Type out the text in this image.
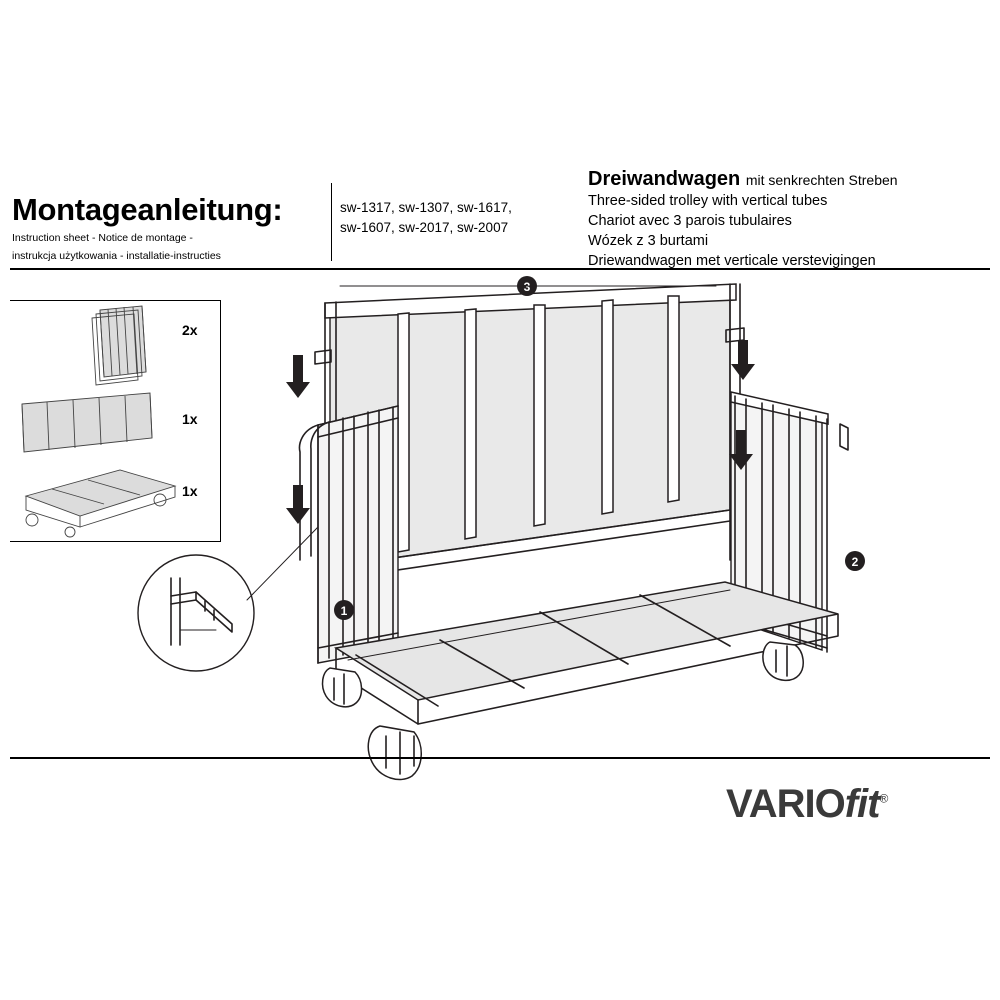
Montageanleitung:
Instruction sheet - Notice de montage -
instrukcja użytkowania - installatie-instructies
sw-1317, sw-1307, sw-1617,
sw-1607, sw-2017, sw-2007
Dreiwandwagen mit senkrechten Streben
Three-sided trolley with vertical tubes
Chariot avec 3 parois tubulaires
Wózek z 3 burtami
Driewandwagen met verticale verstevigingen
2x
1x
1x
1
2
3
VARIOfit®
